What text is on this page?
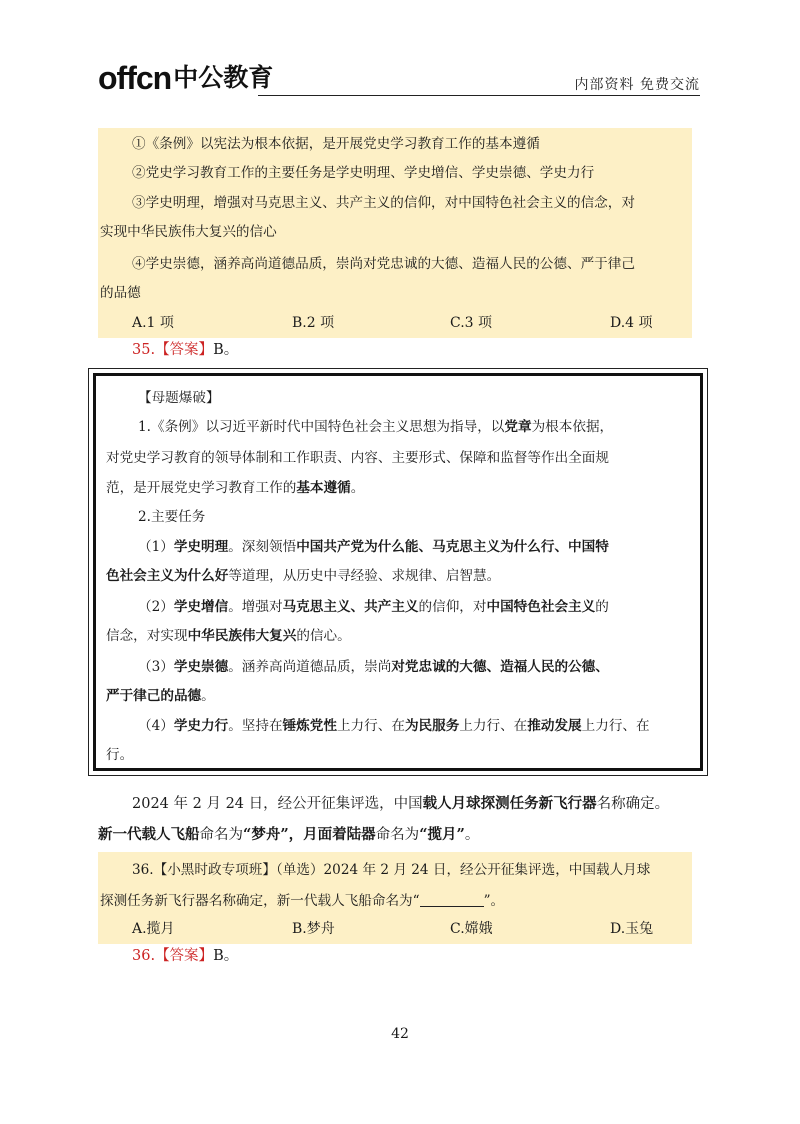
offcn 中公教育	内部资料 免费交流
①《条例》以宪法为根本依据，是开展党史学习教育工作的基本遵循
②党史学习教育工作的主要任务是学史明理、学史增信、学史崇德、学史力行
③学史明理，增强对马克思主义、共产主义的信仰，对中国特色社会主义的信念，对
实现中华民族伟大复兴的信心
④学史崇德，涵养高尚道德品质，崇尚对党忠诚的大德、造福人民的公德、严于律己
的品德
A.1 项	B.2 项	C.3 项	D.4 项
35.【答案】B。
【母题爆破】
1.《条例》以习近平新时代中国特色社会主义思想为指导，以党章为根本依据，
对党史学习教育的领导体制和工作职责、内容、主要形式、保障和监督等作出全面规
范，是开展党史学习教育工作的基本遵循。
2.主要任务
（1）学史明理。深刻领悟中国共产党为什么能、马克思主义为什么行、中国特
色社会主义为什么好等道理，从历史中寻经验、求规律、启智慧。
（2）学史增信。增强对马克思主义、共产主义的信仰，对中国特色社会主义的
信念，对实现中华民族伟大复兴的信心。
（3）学史崇德。涵养高尚道德品质，崇尚对党忠诚的大德、造福人民的公德、
严于律己的品德。
（4）学史力行。坚持在锤炼党性上力行、在为民服务上力行、在推动发展上力行、在
行。
2024 年 2 月 24 日，经公开征集评选，中国载人月球探测任务新飞行器名称确定。
新一代载人飞船命名为“梦舟”，月面着陆器命名为“揽月”。
36.【小黑时政专项班】（单选）2024 年 2 月 24 日，经公开征集评选，中国载人月球
探测任务新飞行器名称确定，新一代载人飞船命名为“	”。
A.揽月	B.梦舟	C.嫦娥	D.玉兔
36.【答案】B。
42
